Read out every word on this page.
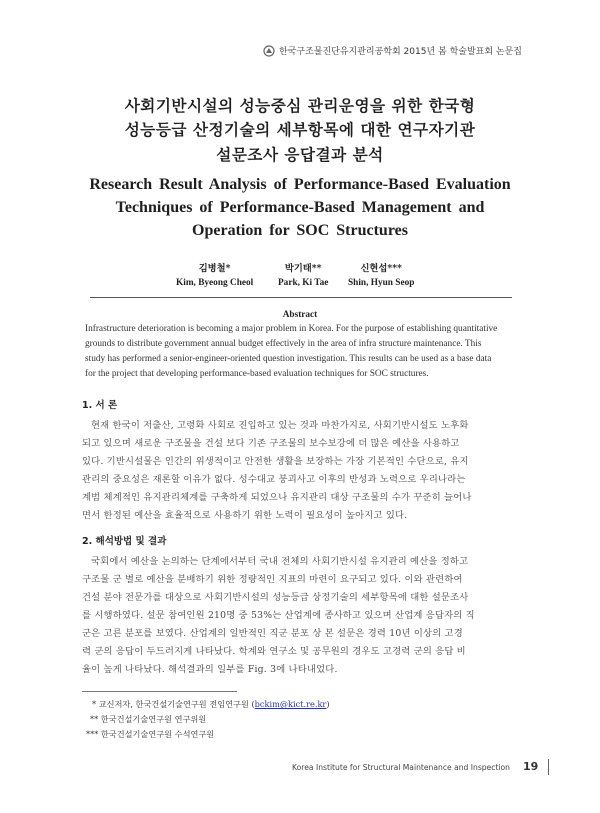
한국구조물진단유지관리공학회 2015년 봄 학술발표회 논문집
사회기반시설의 성능중심 관리운영을 위한 한국형
성능등급 산정기술의 세부항목에 대한 연구자기관
설문조사 응답결과 분석
Research Result Analysis of Performance-Based Evaluation
Techniques of Performance-Based Management and
Operation for SOC Structures
김병철*
Kim, Byeong Cheol
박기태**
Park, Ki Tae
신현섭***
Shin, Hyun Seop
Abstract
Infrastructure deterioration is becoming a major problem in Korea. For the purpose of establishing quantitative
grounds to distribute government annual budget effectively in the area of infra structure maintenance. This
study has performed a senior-engineer-oriented question investigation. This results can be used as a base data
for the project that developing performance-based evaluation techniques for SOC structures.
1. 서 론
현재 한국이 저출산, 고령화 사회로 진입하고 있는 것과 마찬가지로, 사회기반시설도 노후화
되고 있으며 새로운 구조물을 건설 보다 기존 구조물의 보수보강에 더 많은 예산을 사용하고
있다. 기반시설물은 인간의 위생적이고 안전한 생활을 보장하는 가장 기본적인 수단으로, 유지
관리의 중요성은 재론할 이유가 없다. 성수대교 붕괴사고 이후의 반성과 노력으로 우리나라는
계범 체계적인 유지관리체계를 구축하게 되었으나 유지관리 대상 구조물의 수가 꾸준히 늘어나
면서 한정된 예산을 효율적으로 사용하기 위한 노력이 필요성이 높아지고 있다.
2. 해석방법 및 결과
국회에서 예산을 논의하는 단계에서부터 국내 전체의 사회기반시설 유지관리 예산을 정하고
구조물 군 별로 예산을 분배하기 위한 정량적인 지표의 마련이 요구되고 있다. 이와 관련하여
건설 분야 전문가를 대상으로 사회기반시설의 성능등급 상정기술의 세부항목에 대한 설문조사
를 시행하였다. 설문 참여인원 210명 중 53%는 산업계에 종사하고 있으며 산업계 응답자의 직
군은 고른 분포를 보였다. 산업계의 일반적인 직군 분포 상 본 설문은 경력 10년 이상의 고경
력 군의 응답이 두드러지게 나타났다. 학계와 연구소 및 공무원의 경우도 고경력 군의 응답 비
율이 높게 나타났다. 해석결과의 일부를 Fig. 3에 나타내었다.
* 교신저자, 한국건설기술연구원 전임연구원 (bckim@kict.re.kr)
** 한국건설기술연구원 연구위원
*** 한국건설기술연구원 수석연구원
Korea Institute for Structural Maintenance and Inspection 19
